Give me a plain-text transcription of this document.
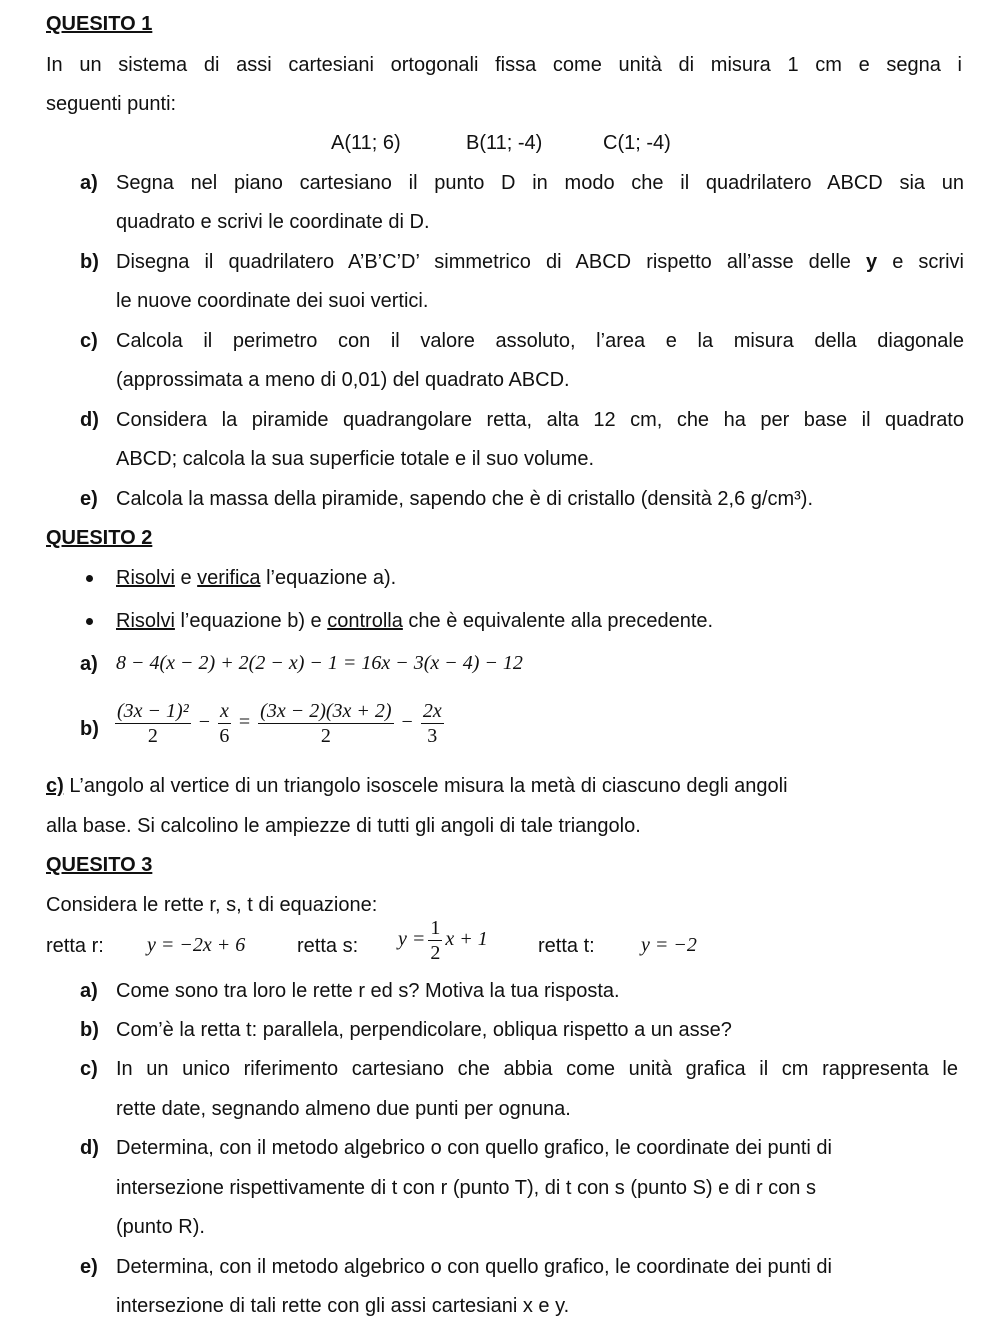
QUESITO 1
In un sistema di assi cartesiani ortogonali fissa come unità di misura 1 cm e segna i
seguenti punti:
A(11; 6)	B(11; -4)	C(1; -4)
a) Segna nel piano cartesiano il punto D in modo che il quadrilatero ABCD sia un
quadrato e scrivi le coordinate di D.
b) Disegna il quadrilatero A’B’C’D’ simmetrico di ABCD rispetto all’asse delle y e scrivi
le nuove coordinate dei suoi vertici.
c) Calcola il perimetro con il valore assoluto, l’area e la misura della diagonale
(approssimata a meno di 0,01) del quadrato ABCD.
d) Considera la piramide quadrangolare retta, alta 12 cm, che ha per base il quadrato
ABCD; calcola la sua superficie totale e il suo volume.
e) Calcola la massa della piramide, sapendo che è di cristallo (densità 2,6 g/cm³).
QUESITO 2
Risolvi e verifica l’equazione a).
Risolvi l’equazione b) e controlla che è equivalente alla precedente.
a) 8 − 4(x − 2) + 2(2 − x) − 1 = 16x − 3(x − 4) − 12
$b) \frac{\text{(3x − 1)²}}{2} - \frac{x}{6} = \frac{(3x - 2)(3x + 2)}{2} - \frac{2x}{3}$
c) L’angolo al vertice di un triangolo isoscele misura la metà di ciascuno degli angoli
alla base. Si calcolino le ampiezze di tutti gli angoli di tale triangolo.
QUESITO 3
Considera le rette r, s, t di equazione:
retta r: y = −2x + 6	retta s: $y = \frac{1}{2}$ x + 1	retta t: y = −2
a) Come sono tra loro le rette r ed s? Motiva la tua risposta.
b) Com’è la retta t: parallela, perpendicolare, obliqua rispetto a un asse?
c) In un unico riferimento cartesiano che abbia come unità grafica il cm rappresenta le
rette date, segnando almeno due punti per ognuna.
d) Determina, con il metodo algebrico o con quello grafico, le coordinate dei punti di
intersezione rispettivamente di t con r (punto T), di t con s (punto S) e di r con s
(punto R).
e) Determina, con il metodo algebrico o con quello grafico, le coordinate dei punti di
intersezione di tali rette con gli assi cartesiani x e y.
